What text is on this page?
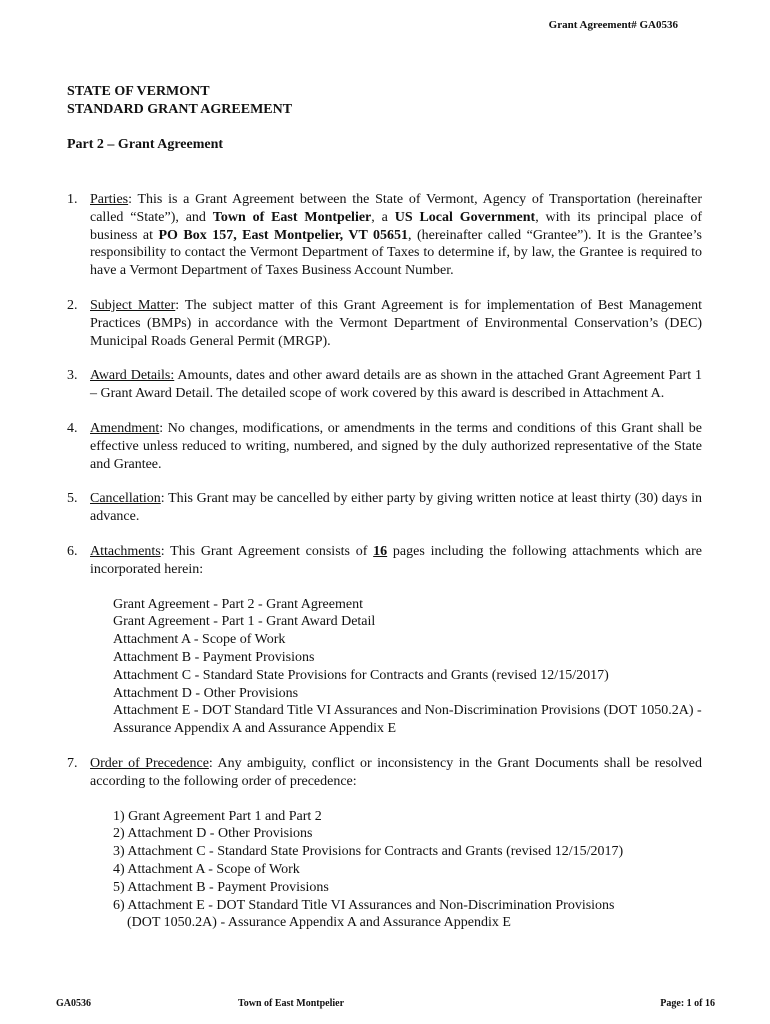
Grant Agreement# GA0536
STATE OF VERMONT
STANDARD GRANT AGREEMENT
Part 2 – Grant Agreement
1. Parties: This is a Grant Agreement between the State of Vermont, Agency of Transportation (hereinafter called “State”), and Town of East Montpelier, a US Local Government, with its principal place of business at PO Box 157, East Montpelier, VT 05651, (hereinafter called “Grantee”). It is the Grantee’s responsibility to contact the Vermont Department of Taxes to determine if, by law, the Grantee is required to have a Vermont Department of Taxes Business Account Number.
2. Subject Matter: The subject matter of this Grant Agreement is for implementation of Best Management Practices (BMPs) in accordance with the Vermont Department of Environmental Conservation’s (DEC) Municipal Roads General Permit (MRGP).
3. Award Details: Amounts, dates and other award details are as shown in the attached Grant Agreement Part 1 – Grant Award Detail. The detailed scope of work covered by this award is described in Attachment A.
4. Amendment: No changes, modifications, or amendments in the terms and conditions of this Grant shall be effective unless reduced to writing, numbered, and signed by the duly authorized representative of the State and Grantee.
5. Cancellation: This Grant may be cancelled by either party by giving written notice at least thirty (30) days in advance.
6. Attachments: This Grant Agreement consists of 16 pages including the following attachments which are incorporated herein:
Grant Agreement - Part 2 - Grant Agreement
Grant Agreement - Part 1 - Grant Award Detail
Attachment A - Scope of Work
Attachment B - Payment Provisions
Attachment C - Standard State Provisions for Contracts and Grants (revised 12/15/2017)
Attachment D - Other Provisions
Attachment E - DOT Standard Title VI Assurances and Non-Discrimination Provisions (DOT 1050.2A) - Assurance Appendix A and Assurance Appendix E
7. Order of Precedence: Any ambiguity, conflict or inconsistency in the Grant Documents shall be resolved according to the following order of precedence:
1) Grant Agreement Part 1 and Part 2
2) Attachment D - Other Provisions
3) Attachment C - Standard State Provisions for Contracts and Grants (revised 12/15/2017)
4) Attachment A - Scope of Work
5) Attachment B - Payment Provisions
6) Attachment E - DOT Standard Title VI Assurances and Non-Discrimination Provisions
(DOT 1050.2A) - Assurance Appendix A and Assurance Appendix E
GA0536	Town of East Montpelier	Page: 1 of 16
